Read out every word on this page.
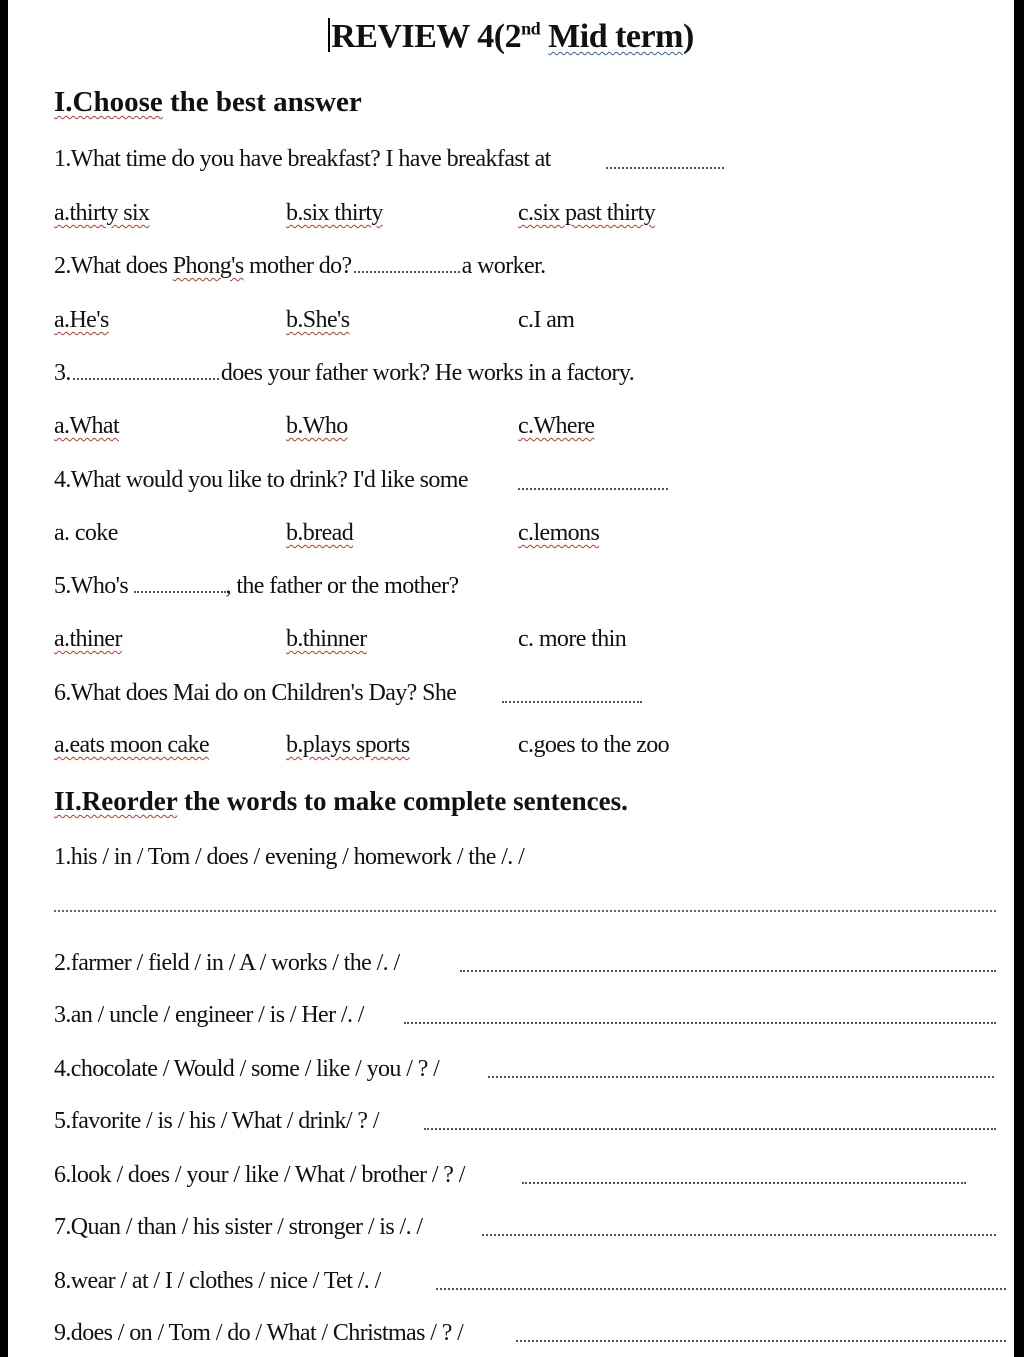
REVIEW 4(2nd Mid term)
I.Choose the best answer
1.What time do you have breakfast? I have breakfast at
a.thirty six	b.six thirty	c.six past thirty
2.What does Phong's mother do?	a worker.
a.He's	b.She's	c.I am
3.	does your father work? He works in a factory.
a.What	b.Who	c.Where
4.What would you like to drink? I'd like some
a. coke	b.bread	c.lemons
5.Who's	, the father or the mother?
a.thiner	b.thinner	c. more thin
6.What does Mai do on Children's Day? She
a.eats moon cake	b.plays sports	c.goes to the zoo
II.Reorder the words to make complete sentences.
1.his / in / Tom / does / evening / homework / the /. /
2.farmer / field / in / A / works / the /. /
3.an / uncle / engineer / is / Her /. /
4.chocolate / Would / some / like / you / ? /
5.favorite / is / his / What / drink/ ? /
6.look / does / your / like / What / brother / ? /
7.Quan / than / his sister / stronger / is /. /
8.wear / at / I / clothes / nice / Tet /. /
9.does / on / Tom / do / What / Christmas / ? /
